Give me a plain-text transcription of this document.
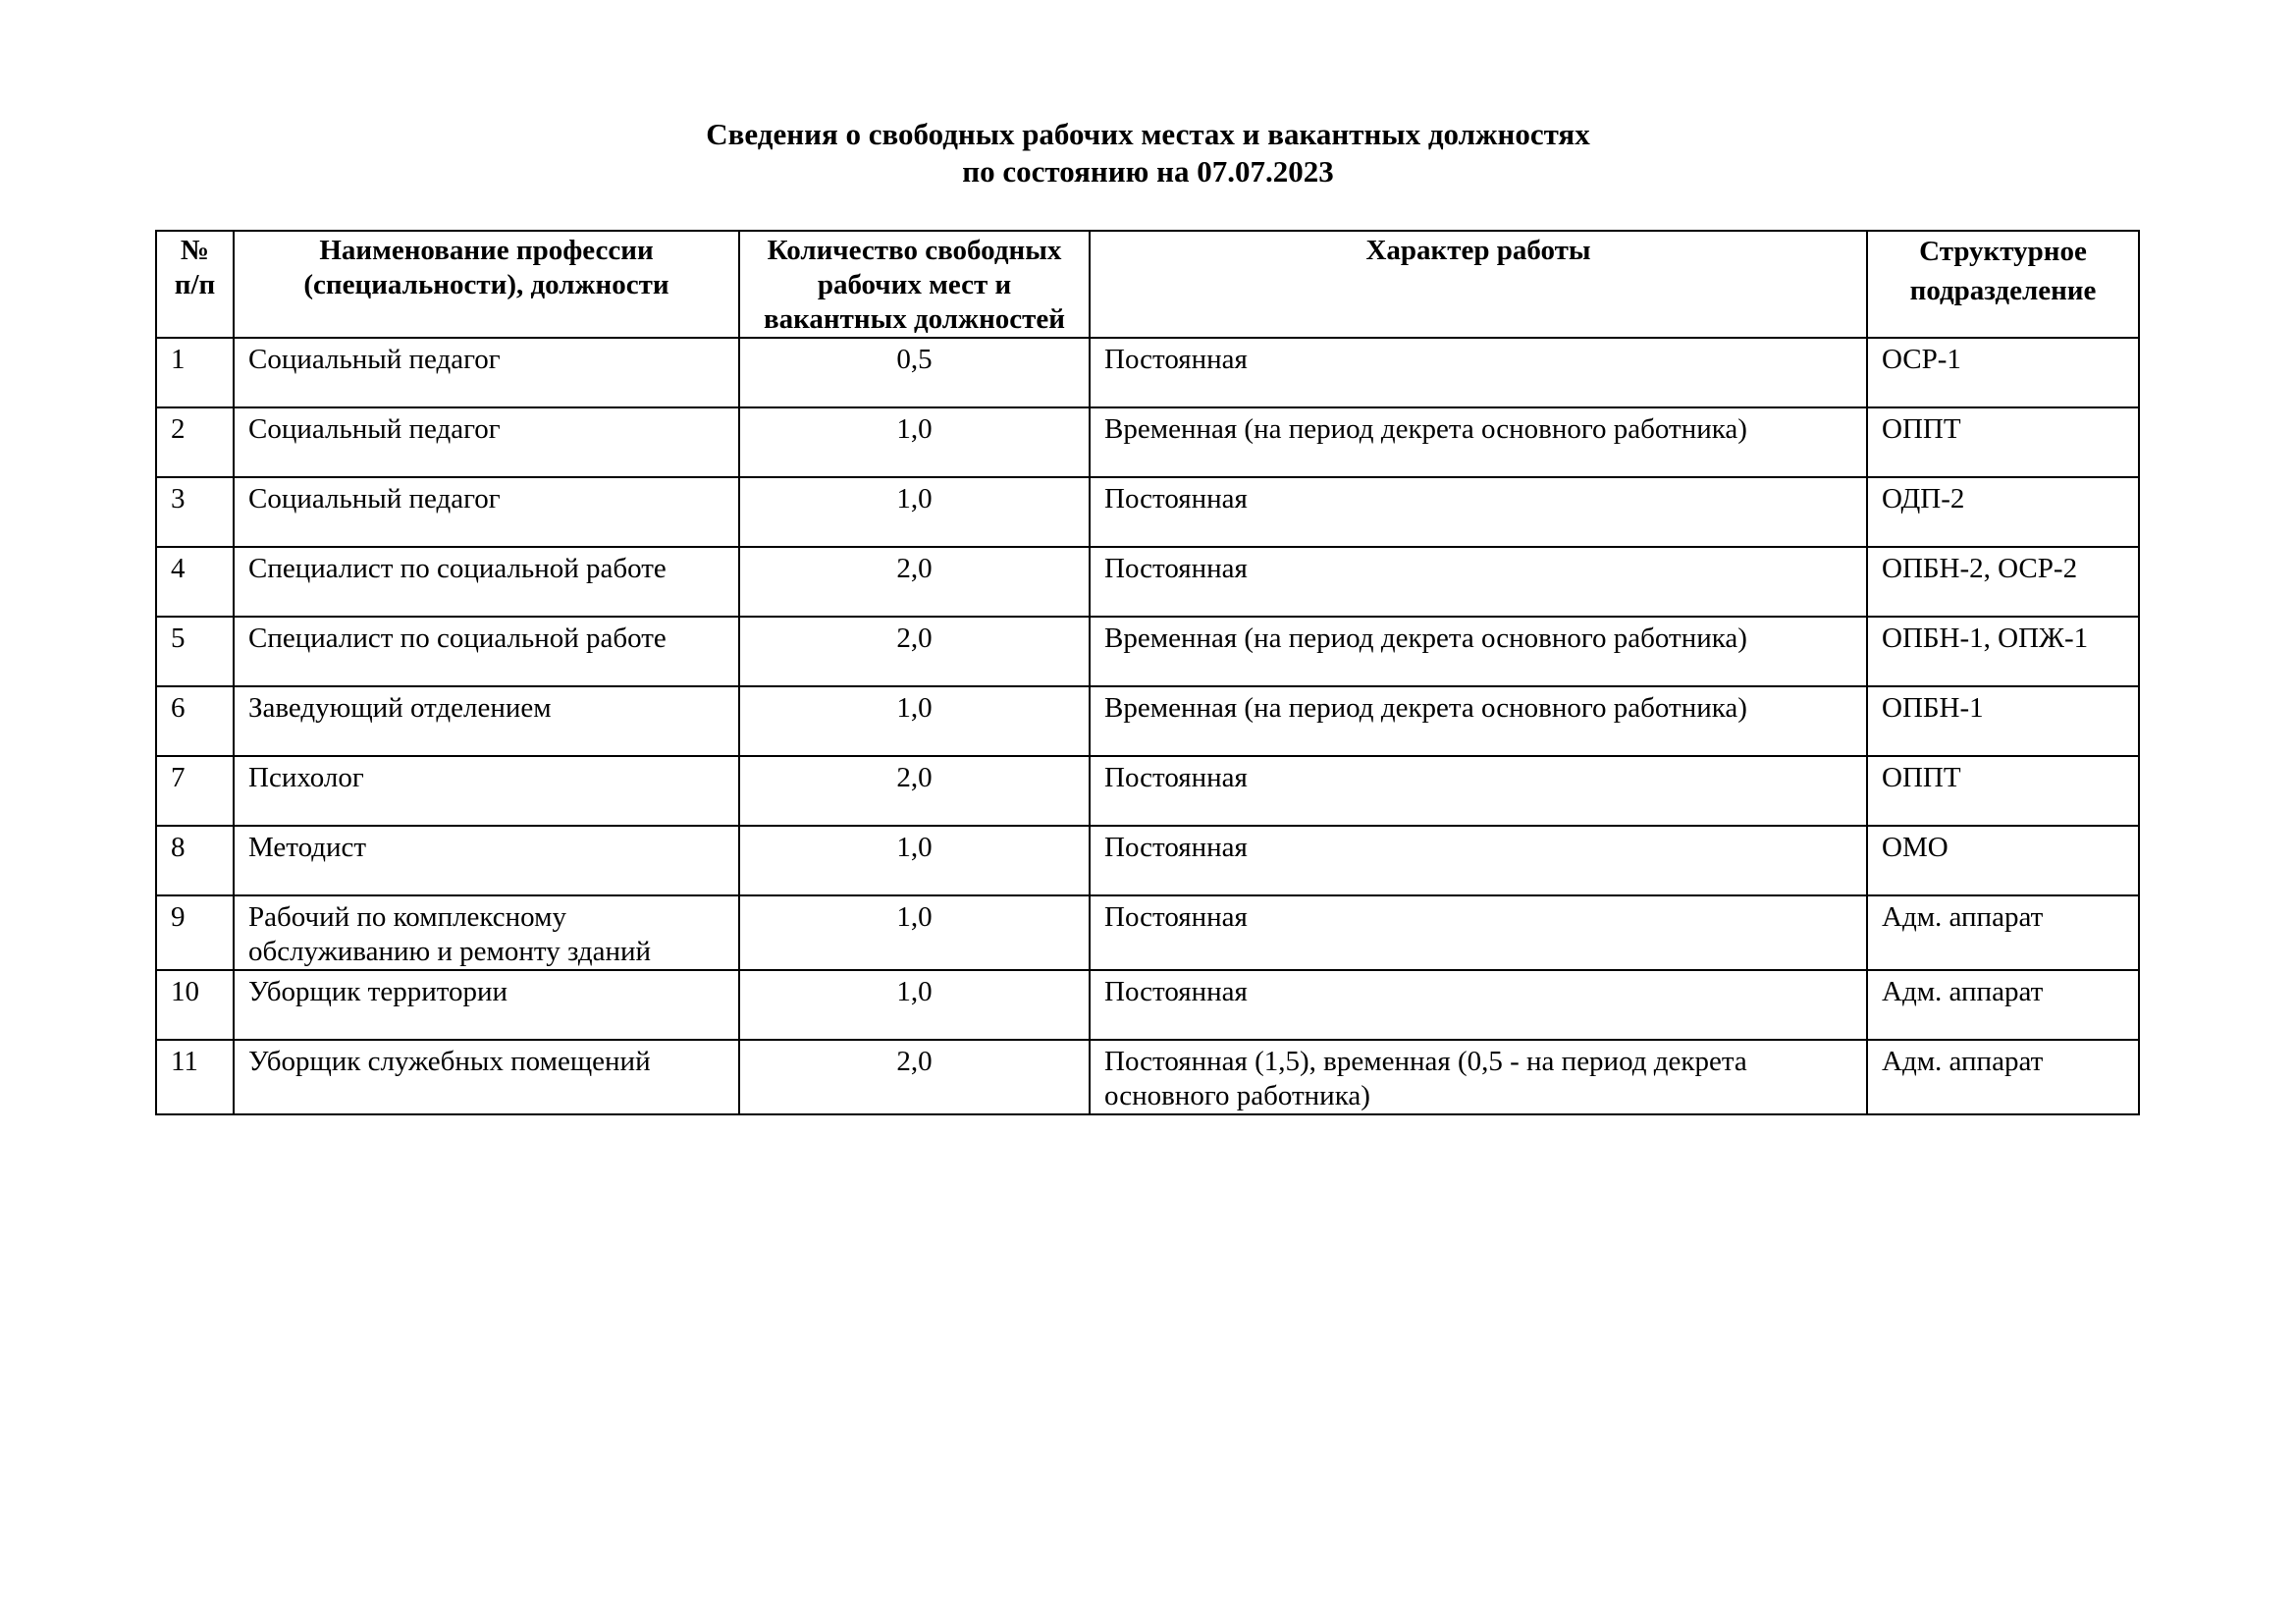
Сведения о свободных рабочих местах и вакантных должностях
по состоянию на 07.07.2023
№ п/п	Наименование профессии (специальности), должности	Количество свободных рабочих мест и вакантных должностей	Характер работы	Структурное подразделение
1	Социальный педагог	0,5	Постоянная	ОСР-1
2	Социальный педагог	1,0	Временная (на период декрета основного работника)	ОППТ
3	Социальный педагог	1,0	Постоянная	ОДП-2
4	Специалист по социальной работе	2,0	Постоянная	ОПБН-2, ОСР-2
5	Специалист по социальной работе	2,0	Временная (на период декрета основного работника)	ОПБН-1, ОПЖ-1
6	Заведующий отделением	1,0	Временная (на период декрета основного работника)	ОПБН-1
7	Психолог	2,0	Постоянная	ОППТ
8	Методист	1,0	Постоянная	ОМО
9	Рабочий по комплексному обслуживанию и ремонту зданий	1,0	Постоянная	Адм. аппарат
10	Уборщик территории	1,0	Постоянная	Адм. аппарат
11	Уборщик служебных помещений	2,0	Постоянная (1,5), временная (0,5 - на период декрета основного работника)	Адм. аппарат
